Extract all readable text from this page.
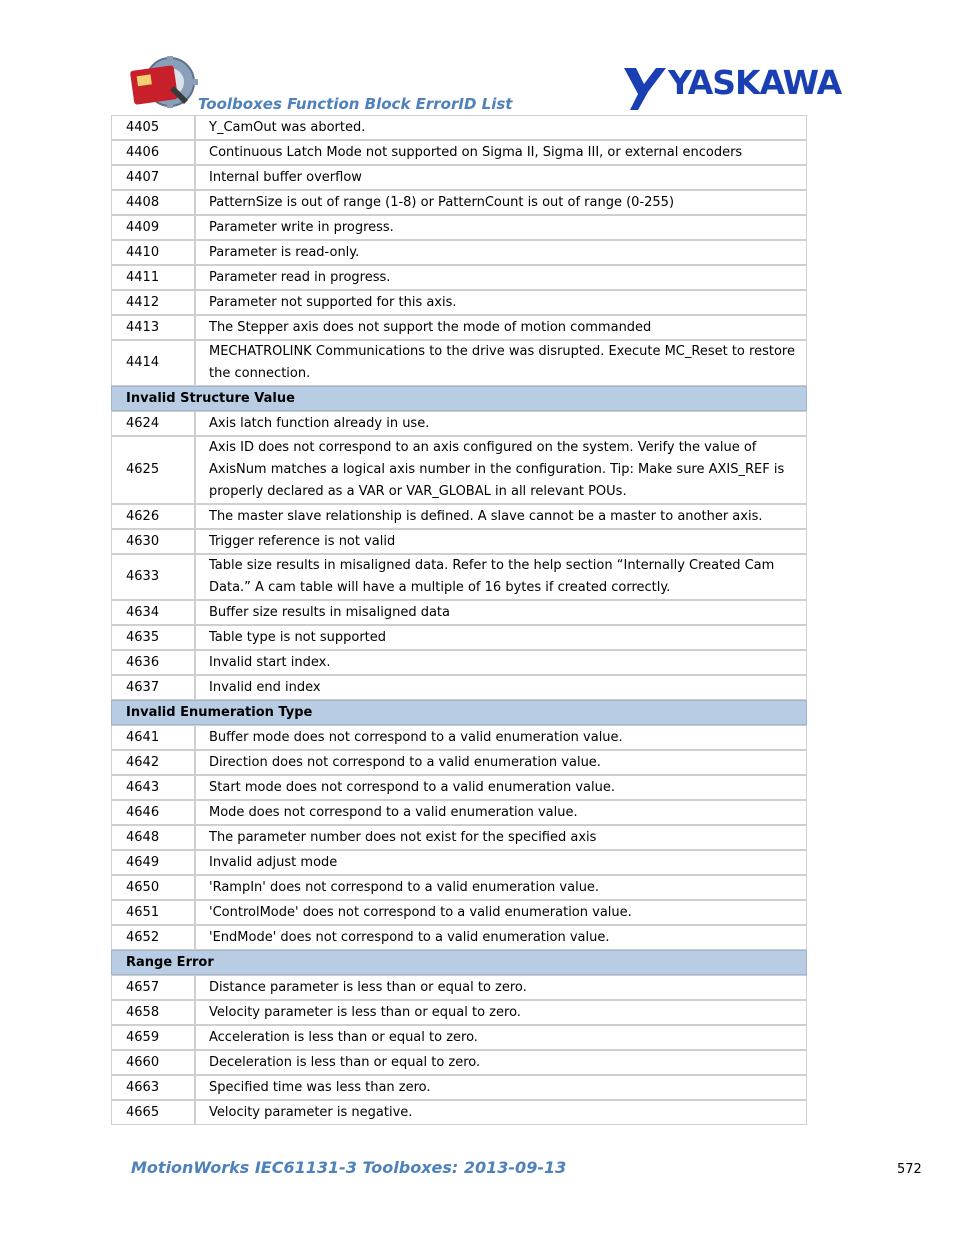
Toolboxes Function Block ErrorID List
YASKAWA
4405	Y_CamOut was aborted.
4406	Continuous Latch Mode not supported on Sigma II, Sigma III, or external encoders
4407	Internal buffer overflow
4408	PatternSize is out of range (1-8) or PatternCount is out of range (0-255)
4409	Parameter write in progress.
4410	Parameter is read-only.
4411	Parameter read in progress.
4412	Parameter not supported for this axis.
4413	The Stepper axis does not support the mode of motion commanded
4414	MECHATROLINK Communications to the drive was disrupted. Execute MC_Reset to restore the connection.
Invalid Structure Value	
4624	Axis latch function already in use.
4625	Axis ID does not correspond to an axis configured on the system. Verify the value of AxisNum matches a logical axis number in the configuration. Tip: Make sure AXIS_REF is properly declared as a VAR or VAR_GLOBAL in all relevant POUs.
4626	The master slave relationship is defined. A slave cannot be a master to another axis.
4630	Trigger reference is not valid
4633	Table size results in misaligned data. Refer to the help section “Internally Created Cam Data.” A cam table will have a multiple of 16 bytes if created correctly.
4634	Buffer size results in misaligned data
4635	Table type is not supported
4636	Invalid start index.
4637	Invalid end index
Invalid Enumeration Type	
4641	Buffer mode does not correspond to a valid enumeration value.
4642	Direction does not correspond to a valid enumeration value.
4643	Start mode does not correspond to a valid enumeration value.
4646	Mode does not correspond to a valid enumeration value.
4648	The parameter number does not exist for the specified axis
4649	Invalid adjust mode
4650	'RampIn' does not correspond to a valid enumeration value.
4651	'ControlMode' does not correspond to a valid enumeration value.
4652	'EndMode' does not correspond to a valid enumeration value.
Range Error	
4657	Distance parameter is less than or equal to zero.
4658	Velocity parameter is less than or equal to zero.
4659	Acceleration is less than or equal to zero.
4660	Deceleration is less than or equal to zero.
4663	Specified time was less than zero.
4665	Velocity parameter is negative.
MotionWorks IEC61131-3 Toolboxes: 2013-09-13	572
